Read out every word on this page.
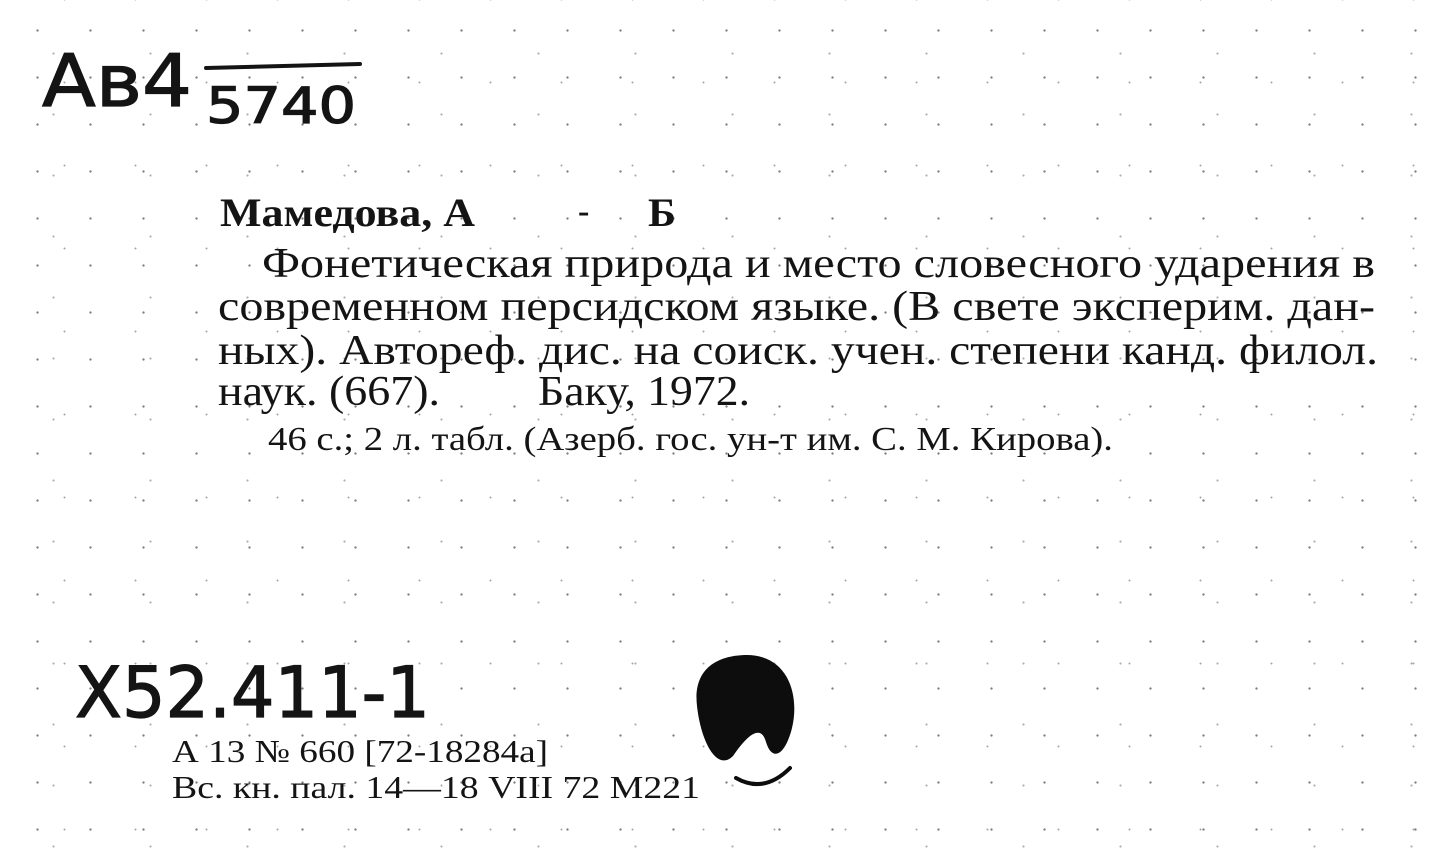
Ав4 5740
Мамедова, А	- Б
Фонетическая природа и место словесного ударения в
современном персидском языке. (В свете эксперим. дан-
ных). Автореф. дис. на соиск. учен. степени канд. филол.
наук. (667). Баку, 1972.
46 с.; 2 л. табл. (Азерб. гос. ун-т им. С. М. Кирова).
Х52.411-1
А 13 № 660 [72-18284а]
Вс. кн. пал. 14—18 VIII 72 М221
